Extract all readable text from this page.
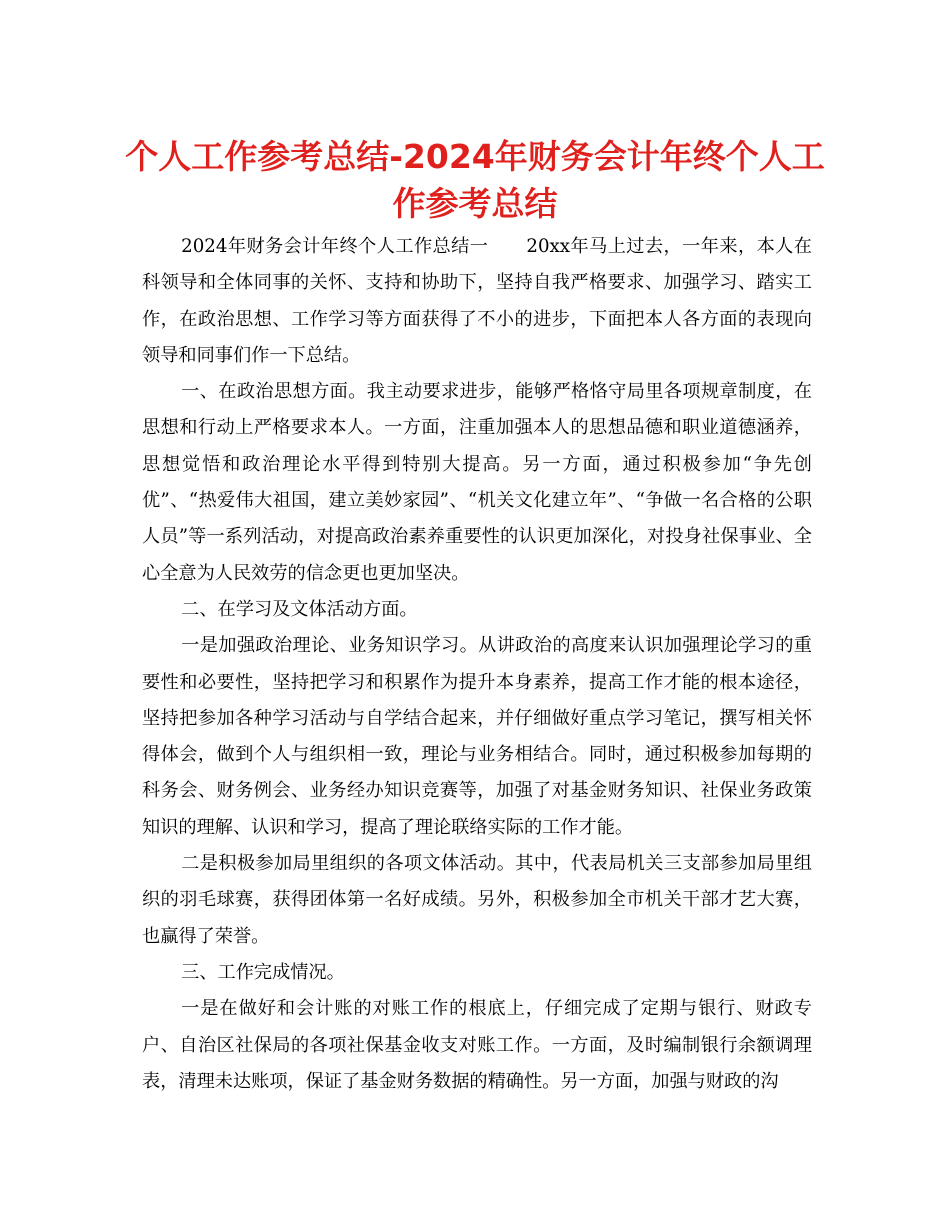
个人工作参考总结-2024年财务会计年终个人工作参考总结

2024年财务会计年终个人工作总结一 20xx年马上过去，一年来，本人在科领导和全体同事的关怀、支持和协助下，坚持自我严格要求、加强学习、踏实工作，在政治思想、工作学习等方面获得了不小的进步，下面把本人各方面的表现向领导和同事们作一下总结。

一、在政治思想方面。我主动要求进步，能够严格恪守局里各项规章制度，在思想和行动上严格要求本人。一方面，注重加强本人的思想品德和职业道德涵养，思想觉悟和政治理论水平得到特别大提高。另一方面，通过积极参加“争先创优”、“热爱伟大祖国，建立美妙家园”、“机关文化建立年”、“争做一名合格的公职人员”等一系列活动，对提高政治素养重要性的认识更加深化，对投身社保事业、全心全意为人民效劳的信念更也更加坚决。

二、在学习及文体活动方面。

一是加强政治理论、业务知识学习。从讲政治的高度来认识加强理论学习的重要性和必要性，坚持把学习和积累作为提升本身素养，提高工作才能的根本途径，坚持把参加各种学习活动与自学结合起来，并仔细做好重点学习笔记，撰写相关怀得体会，做到个人与组织相一致，理论与业务相结合。同时，通过积极参加每期的科务会、财务例会、业务经办知识竞赛等，加强了对基金财务知识、社保业务政策知识的理解、认识和学习，提高了理论联络实际的工作才能。

二是积极参加局里组织的各项文体活动。其中，代表局机关三支部参加局里组织的羽毛球赛，获得团体第一名好成绩。另外，积极参加全市机关干部才艺大赛，也赢得了荣誉。

三、工作完成情况。

一是在做好和会计账的对账工作的根底上，仔细完成了定期与银行、财政专户、自治区社保局的各项社保基金收支对账工作。一方面，及时编制银行余额调理表，清理未达账项，保证了基金财务数据的精确性。另一方面，加强与财政的沟
